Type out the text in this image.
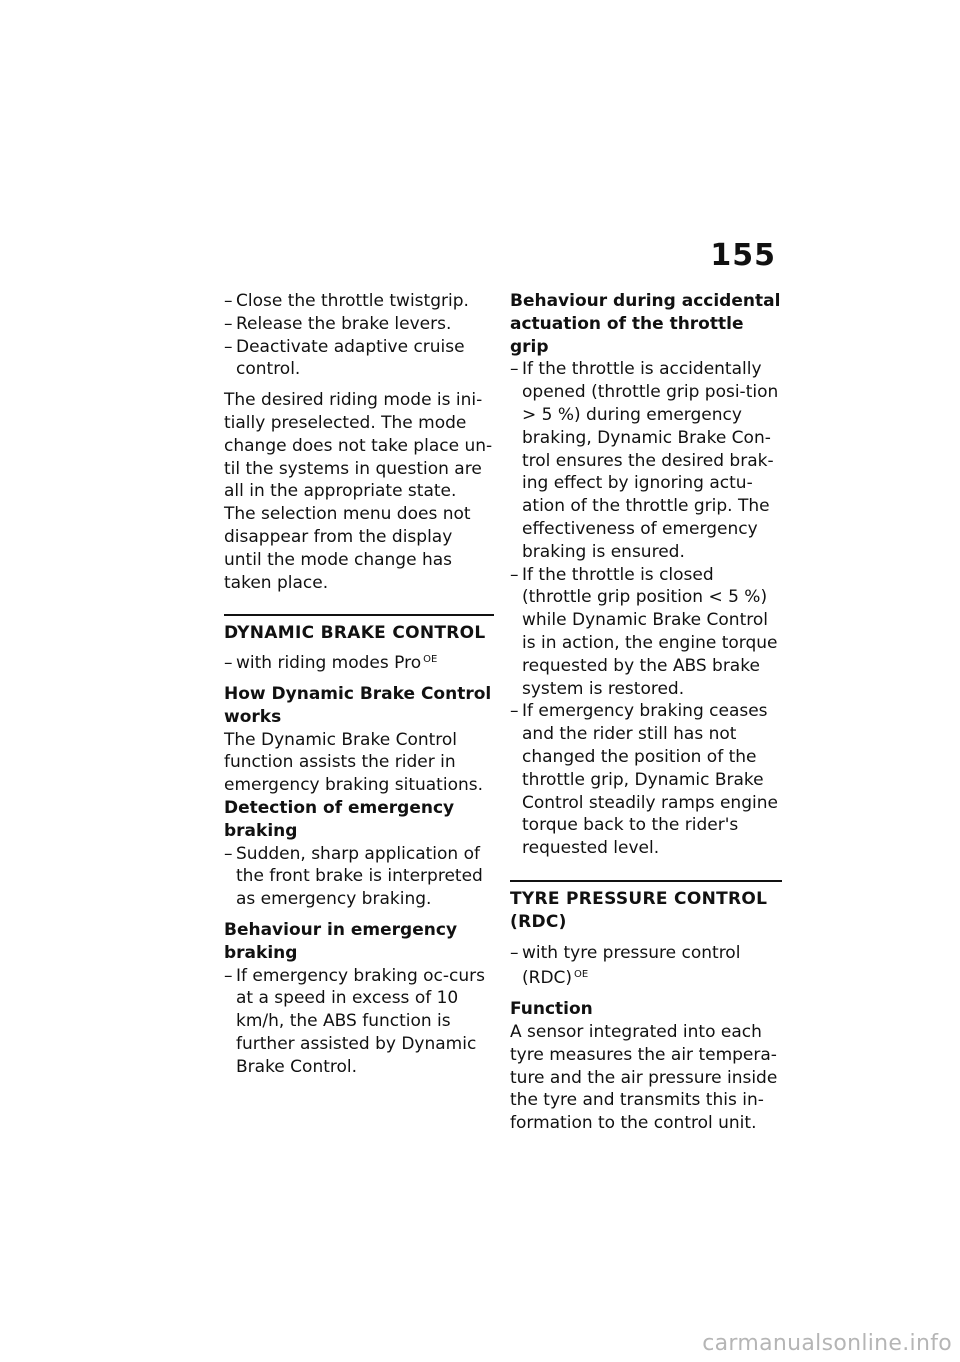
155
– Close the throttle twistgrip.
– Release the brake levers.
– Deactivate adaptive cruise control.
The desired riding mode is ini-tially preselected. The mode change does not take place un-til the systems in question are all in the appropriate state.
The selection menu does not disappear from the display until the mode change has taken place.
DYNAMIC BRAKE CONTROL
– with riding modes Pro $^{OE}$
How Dynamic Brake Control works
The Dynamic Brake Control function assists the rider in emergency braking situations.
Detection of emergency braking
– Sudden, sharp application of the front brake is interpreted as emergency braking.
Behaviour in emergency braking
– If emergency braking oc-curs at a speed in excess of 10 km/h, the ABS function is further assisted by Dynamic Brake Control.
Behaviour during accidental actuation of the throttle grip
– If the throttle is accidentally opened (throttle grip posi-tion > 5 %) during emergency braking, Dynamic Brake Con-trol ensures the desired brak-ing effect by ignoring actu-ation of the throttle grip. The effectiveness of emergency braking is ensured.
– If the throttle is closed (throttle grip position < 5 %) while Dynamic Brake Control is in action, the engine torque requested by the ABS brake system is restored.
– If emergency braking ceases and the rider still has not changed the position of the throttle grip, Dynamic Brake Control steadily ramps engine torque back to the rider's requested level.
TYRE PRESSURE CONTROL (RDC)
– with tyre pressure control (RDC) $^{OE}$
Function
A sensor integrated into each tyre measures the air tempera-ture and the air pressure inside the tyre and transmits this in-formation to the control unit.
carmanualsonline.info
